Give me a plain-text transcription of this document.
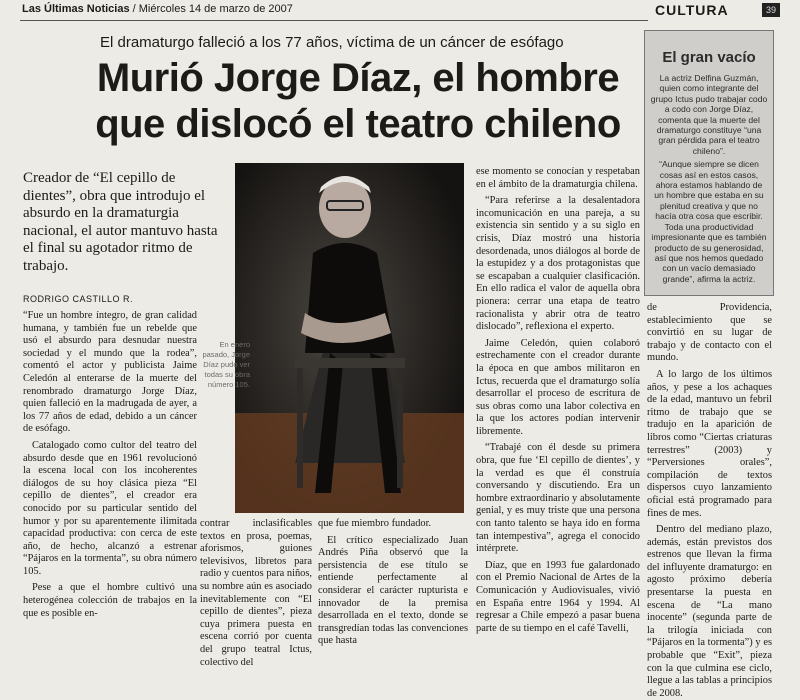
Las Últimas Noticias / Miércoles 14 de marzo de 2007	CULTURA	39
El dramaturgo falleció a los 77 años, víctima de un cáncer de esófago
Murió Jorge Díaz, el hombre que dislocó el teatro chileno
Creador de “El cepillo de dientes”, obra que introdujo el absurdo en la dramaturgia nacional, el autor mantuvo hasta el final su agotador ritmo de trabajo.
RODRIGO CASTILLO R.

“Fue un hombre íntegro, de gran calidad humana, y también fue un rebelde que usó el absurdo para desnudar nuestra sociedad y el mundo que la rodea”, comentó el actor y publicista Jaime Celedón al enterarse de la muerte del renombrado dramaturgo Jorge Díaz, quien falleció en la madrugada de ayer, a los 77 años de edad, debido a un cáncer de esófago.

Catalogado como cultor del teatro del absurdo desde que en 1961 revolucionó la escena local con los incoherentes diálogos de su hoy clásica pieza “El cepillo de dientes”, el creador era conocido por su particular sentido del humor y por su aparentemente ilimitada capacidad productiva: con cerca de este año, de hecho, alcanzó a estrenar “Pájaros en la tormenta”, su obra número 105.

Pese a que el hombre cultivó una heterogénea colección de trabajos en la que es posible en-

En enero pasado, Jorge Díaz pudo ver todas su obra número 105.

contrar inclasificables textos en prosa, poemas, aforismos, guiones televisivos, libretos para radio y cuentos para niños, su nombre aún es asociado inevitablemente con “El cepillo de dientes”, pieza cuya primera puesta en escena corrió por cuenta del grupo teatral Ictus, colectivo del

que fue miembro fundador.

El crítico especializado Juan Andrés Piña observó que la persistencia de ese título se entiende perfectamente al considerar el carácter rupturista e innovador de la premisa desarrollada en el texto, donde se transgredían todas las convenciones que hasta

ese momento se conocían y respetaban en el ámbito de la dramaturgia chilena.

“Para referirse a la desalentadora incomunicación en una pareja, a su existencia sin sentido y a su siglo en crisis, Díaz mostró una historia desordenada, unos diálogos al borde de la estupidez y a dos protagonistas que se escapaban a cualquier clasificación. En ello radica el valor de aquella obra pionera: cerrar una etapa de teatro racionalista y abrir otra de teatro dislocado”, reflexiona el experto.

Jaime Celedón, quien colaboró estrechamente con el creador durante la época en que ambos militaron en Ictus, recuerda que el dramaturgo solía desarrollar el proceso de escritura de sus obras como una labor colectiva en la que los actores podían intervenir libremente.

“Trabajé con él desde su primera obra, que fue ‘El cepillo de dientes’, y la verdad es que él construía conversando y discutiendo. Era un hombre extraordinario y absolutamente genial, y es muy triste que una persona con tanto talento se haya ido en forma tan intempestiva”, agrega el conocido intérprete.

Díaz, que en 1993 fue galardonado con el Premio Nacional de Artes de la Comunicación y Audiovisuales, vivió en España entre 1964 y 1994. Al regresar a Chile empezó a pasar buena parte de su tiempo en el café Tavelli,

El gran vacío

La actriz Delfina Guzmán, quien como integrante del grupo Ictus pudo trabajar codo a codo con Jorge Díaz, comenta que la muerte del dramaturgo constituye “una gran pérdida para el teatro chileno”.

“Aunque siempre se dicen cosas así en estos casos, ahora estamos hablando de un hombre que estaba en su plenitud creativa y que no hacía otra cosa que escribir. Toda una productividad impresionante que es también producto de su generosidad, así que nos hemos quedado con un vacío demasiado grande”, afirma la actriz.

de Providencia, establecimiento que se convirtió en su lugar de trabajo y de contacto con el mundo.

A lo largo de los últimos años, y pese a los achaques de la edad, mantuvo un febril ritmo de trabajo que se tradujo en la aparición de libros como “Ciertas criaturas terrestres” (2003) y “Perversiones orales”, compilación de textos dispersos cuyo lanzamiento oficial está programado para fines de mes.

Dentro del mediano plazo, además, están previstos dos estrenos que llevan la firma del influyente dramaturgo: en agosto próximo debería presentarse la puesta en escena de “La mano inocente” (segunda parte de la trilogía iniciada con “Pájaros en la tormenta”) y es probable que “Exit”, pieza con la que culmina ese ciclo, llegue a las tablas a principios de 2008.
